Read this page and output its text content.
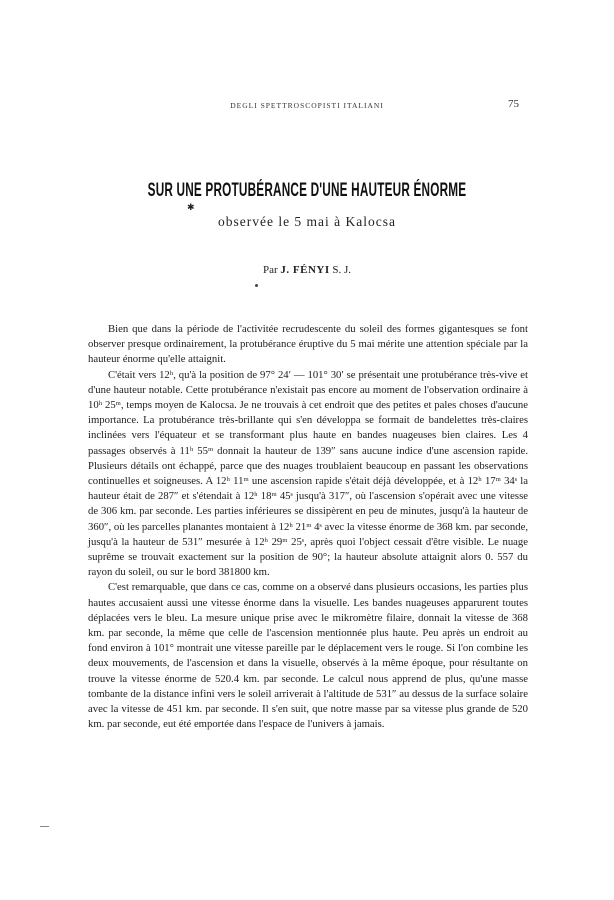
DEGLI SPETTROSCOPISTI ITALIANI	75
SUR UNE PROTUBÉRANCE D'UNE HAUTEUR ÉNORME
✱
observée le 5 mai à Kalocsa
Par J. FÉNYI S. J.

Bien que dans la période de l'activitée recrudescente du soleil des formes gigantesques se font observer presque ordinairement, la protubérance éruptive du 5 mai mérite une attention spéciale par la hauteur énorme qu'elle attaignit.

C'était vers 12ʰ, qu'à la position de 97° 24′ — 101° 30′ se présentait une protubérance très-vive et d'une hauteur notable. Cette protubérance n'existait pas encore au moment de l'observation ordinaire à 10ʰ 25ᵐ, temps moyen de Kalocsa. Je ne trouvais à cet endroit que des petites et pales choses d'aucune importance. La protubérance très-brillante qui s'en développa se formait de bandelettes très-claires inclinées vers l'équateur et se transformant plus haute en bandes nuageuses bien claires. Les 4 passages observés à 11ʰ 55ᵐ donnait la hauteur de 139″ sans aucune indice d'une ascension rapide. Plusieurs détails ont échappé, parce que des nuages troublaient beaucoup en passant les observations continuelles et soigneuses. A 12ʰ 11ᵐ une ascension rapide s'était déjà développée, et à 12ʰ 17ᵐ 34ˢ la hauteur était de 287″ et s'étendait à 12ʰ 18ᵐ 45ˢ jusqu'à 317″, où l'ascension s'opérait avec une vitesse de 306 km. par seconde. Les parties inférieures se dissipèrent en peu de minutes, jusqu'à la hauteur de 360″, où les parcelles planantes montaient à 12ʰ 21ᵐ 4ˢ avec la vitesse énorme de 368 km. par seconde, jusqu'à la hauteur de 531″ mesurée à 12ʰ 29ᵐ 25ˢ, après quoi l'object cessait d'être visible. Le nuage suprême se trouvait exactement sur la position de 90°; la hauteur absolute attaignit alors 0. 557 du rayon du soleil, ou sur le bord 381800 km.

C'est remarquable, que dans ce cas, comme on a observé dans plusieurs occasions, les parties plus hautes accusaient aussi une vitesse énorme dans la visuelle. Les bandes nuageuses apparurent toutes déplacées vers le bleu. La mesure unique prise avec le mikromètre filaire, donnait la vitesse de 368 km. par seconde, la même que celle de l'ascension mentionnée plus haute. Peu après un endroit au fond environ à 101° montrait une vitesse pareille par le déplacement vers le rouge. Si l'on combine les deux mouvements, de l'ascension et dans la visuelle, observés à la même époque, pour résultante on trouve la vitesse énorme de 520.4 km. par seconde. Le calcul nous apprend de plus, qu'une masse tombante de la distance infini vers le soleil arriverait à l'altitude de 531″ au dessus de la surface solaire avec la vitesse de 451 km. par seconde. Il s'en suit, que notre masse par sa vitesse plus grande de 520 km. par seconde, eut été emportée dans l'espace de l'univers à jamais.
